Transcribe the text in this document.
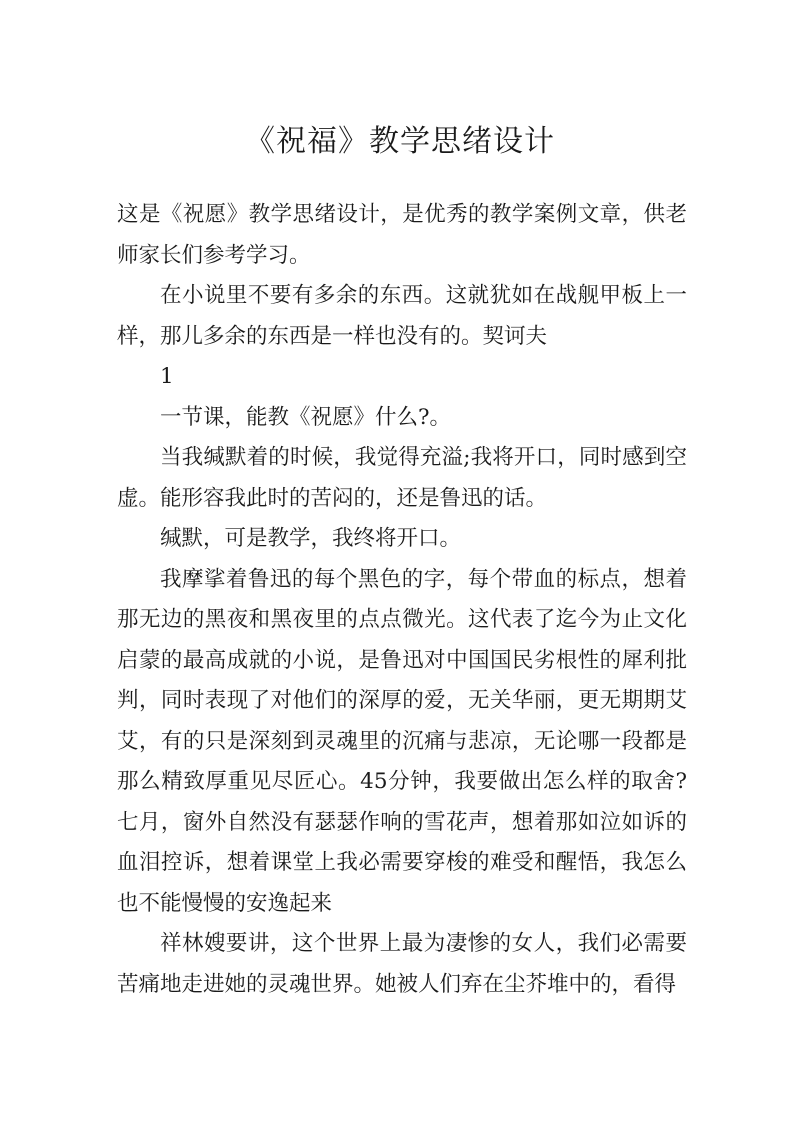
《祝福》教学思绪设计

这是《祝愿》教学思绪设计，是优秀的教学案例文章，供老师家长们参考学习。

在小说里不要有多余的东西。这就犹如在战舰甲板上一样，那儿多余的东西是一样也没有的。契诃夫

1

一节课，能教《祝愿》什么?。

当我缄默着的时候，我觉得充溢;我将开口，同时感到空虚。能形容我此时的苦闷的，还是鲁迅的话。

缄默，可是教学，我终将开口。

我摩挲着鲁迅的每个黑色的字，每个带血的标点，想着那无边的黑夜和黑夜里的点点微光。这代表了迄今为止文化启蒙的最高成就的小说，是鲁迅对中国国民劣根性的犀利批判，同时表现了对他们的深厚的爱，无关华丽，更无期期艾艾，有的只是深刻到灵魂里的沉痛与悲凉，无论哪一段都是那么精致厚重见尽匠心。45分钟，我要做出怎么样的取舍?七月，窗外自然没有瑟瑟作响的雪花声，想着那如泣如诉的血泪控诉，想着课堂上我必需要穿梭的难受和醒悟，我怎么也不能慢慢的安逸起来

祥林嫂要讲，这个世界上最为凄惨的女人，我们必需要苦痛地走进她的灵魂世界。她被人们弃在尘芥堆中的，看得
